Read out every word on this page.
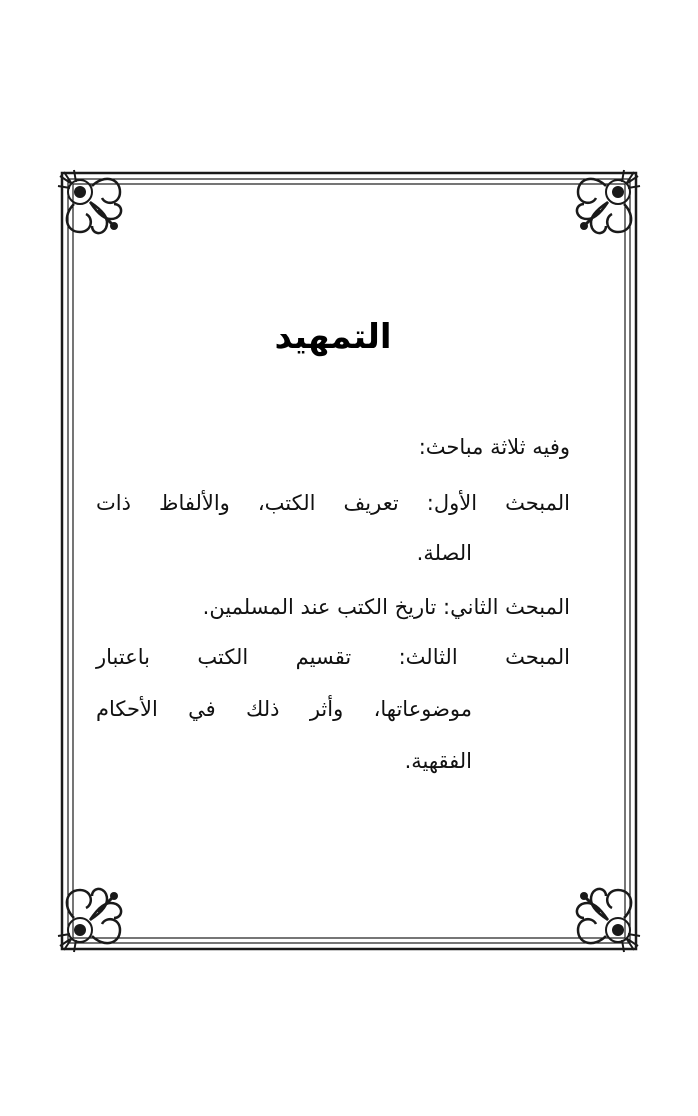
التمهيد
وفيه ثلاثة مباحث:
المبحث الأول: تعريف الكتب، والألفاظ ذات
الصلة.
المبحث الثاني: تاريخ الكتب عند المسلمين.
المبحث الثالث: تقسيم الكتب باعتبار
موضوعاتها، وأثر ذلك في الأحكام
الفقهية.
